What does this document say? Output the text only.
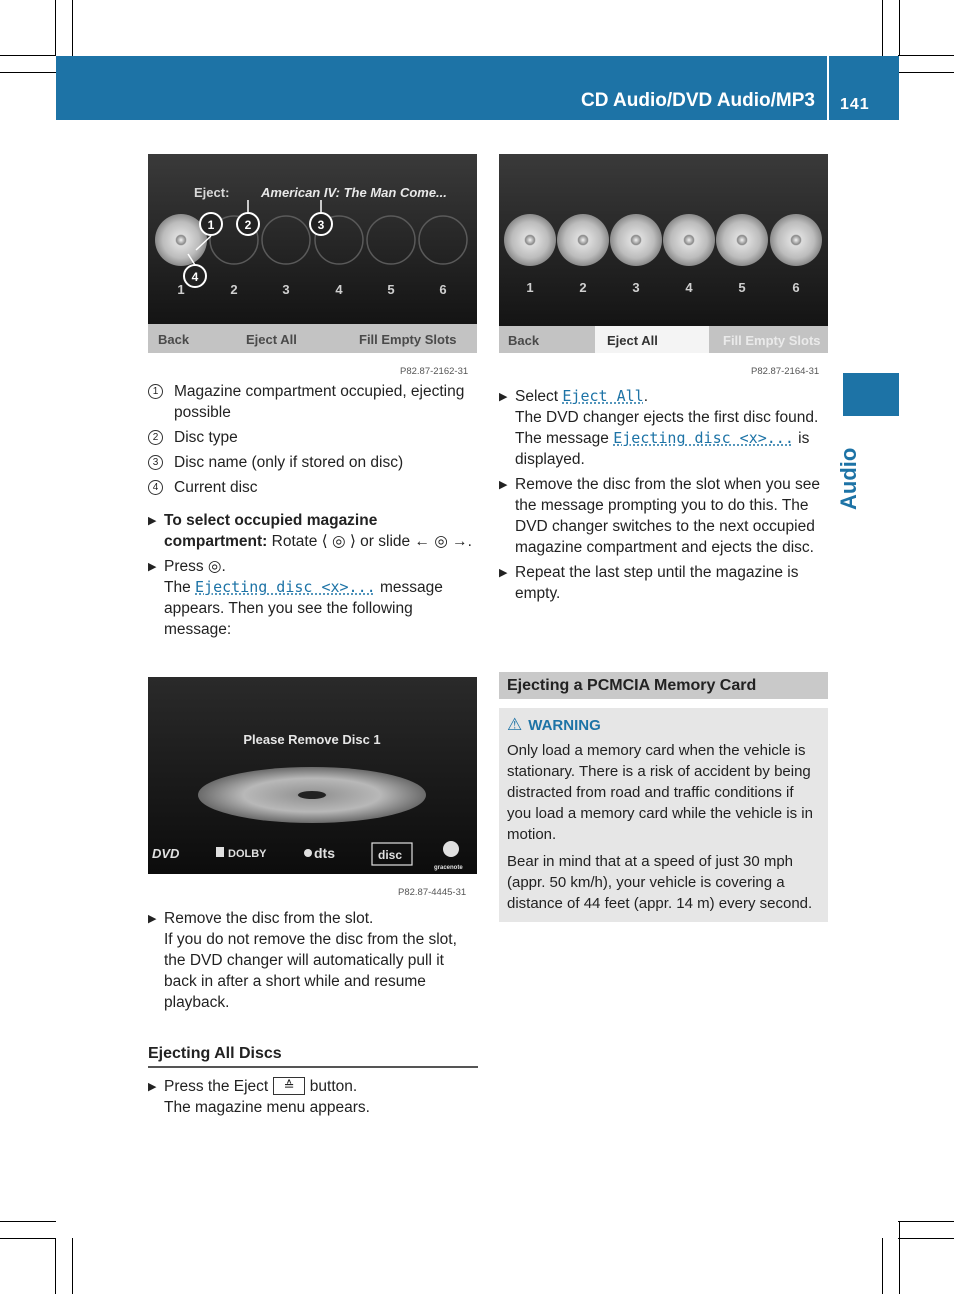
CD Audio/DVD Audio/MP3 141
Audio
Eject: American IV: The Man Come...
1	2	3	4	5	6
1	2	3
4
Back	Eject All	Fill Empty Slots
P82.87-2162-31
1	2	3	4	5	6
Back	Eject All	Fill Empty Slots
P82.87-2164-31
Please Remove Disc 1
DVD	DOLBY	dts	disc
gracenote
P82.87-4445-31
1	Magazine compartment occupied, ejecting possible
2	Disc type
3	Disc name (only if stored on disc)
4	Current disc
▶ To select occupied magazine compartment: Rotate ⟨ ◎ ⟩ or slide ← ◎ →.
▶ Press ◎.
The Ejecting disc <x>... message appears. Then you see the following message:
▶ Remove the disc from the slot.
If you do not remove the disc from the slot, the DVD changer will automatically pull it back in after a short while and resume playback.
Ejecting All Discs
▶ Press the Eject ≙ button.
The magazine menu appears.
▶ Select Eject All.
The DVD changer ejects the first disc found. The message Ejecting disc <x>... is displayed.
▶ Remove the disc from the slot when you see the message prompting you to do this. The DVD changer switches to the next occupied magazine compartment and ejects the disc.
▶ Repeat the last step until the magazine is empty.
Ejecting a PCMCIA Memory Card
⚠ WARNING
Only load a memory card when the vehicle is stationary. There is a risk of accident by being distracted from road and traffic conditions if you load a memory card while the vehicle is in motion.
Bear in mind that at a speed of just 30 mph (appr. 50 km/h), your vehicle is covering a distance of 44 feet (appr. 14 m) every second.
